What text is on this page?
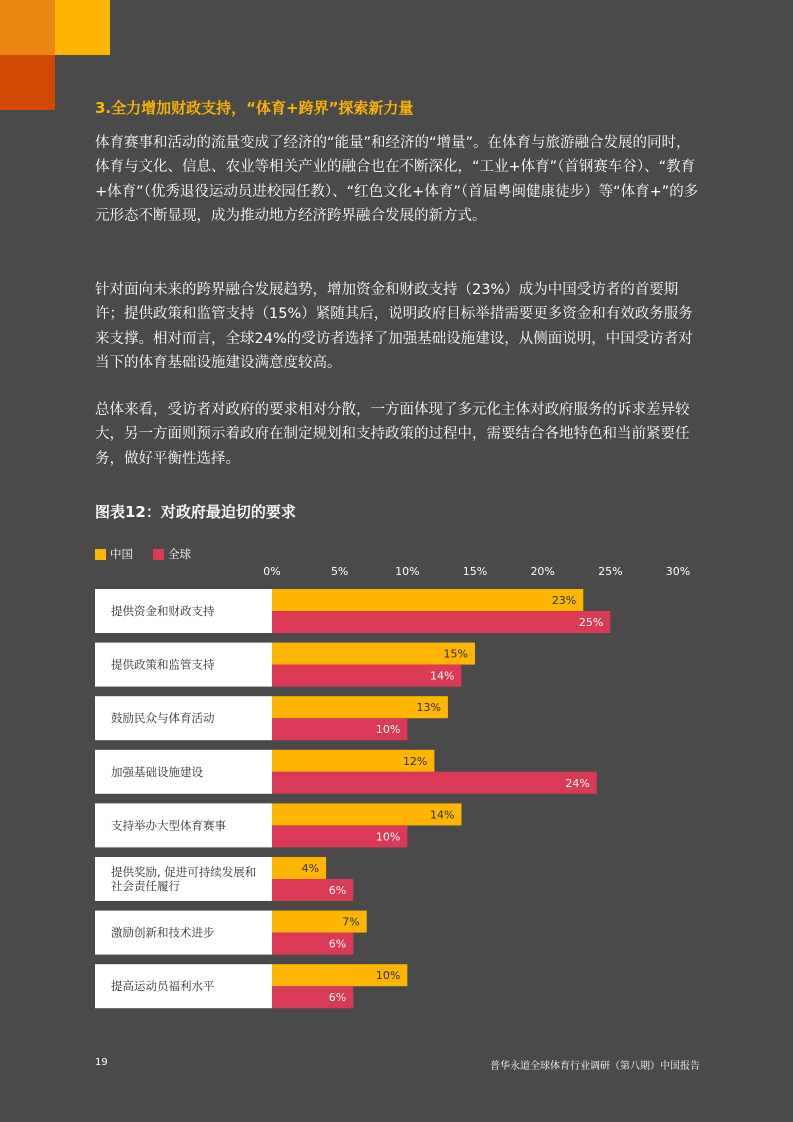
3.全力增加财政支持，“体育+跨界”探索新力量
体育赛事和活动的流量变成了经济的“能量”和经济的“增量”。在体育与旅游融合发展的同时，体育与文化、信息、农业等相关产业的融合也在不断深化，“工业+体育”（首钢赛车谷）、“教育+体育”（优秀退役运动员进校园任教）、“红色文化+体育”（首届粤闽健康徒步）等“体育+”的多元形态不断显现，成为推动地方经济跨界融合发展的新方式。
针对面向未来的跨界融合发展趋势，增加资金和财政支持（23%）成为中国受访者的首要期许；提供政策和监管支持（15%）紧随其后，说明政府目标举措需要更多资金和有效政务服务来支撑。相对而言，全球24%的受访者选择了加强基础设施建设，从侧面说明，中国受访者对当下的体育基础设施建设满意度较高。
总体来看，受访者对政府的要求相对分散，一方面体现了多元化主体对政府服务的诉求差异较大，另一方面则预示着政府在制定规划和支持政策的过程中，需要结合各地特色和当前紧要任务，做好平衡性选择。
图表12：对政府最迫切的要求
中国	全球
0%	5%	10%	15%	20%	25%	30%
提供资金和财政支持
23%
25%
提供政策和监管支持
15%
14%
鼓励民众与体育活动
13%
10%
加强基础设施建设
12%
24%
支持举办大型体育赛事
14%
10%
提供奖励, 促进可持续发展和
社会责任履行
4%
6%
激励创新和技术进步
7%
6%
提高运动员福利水平
10%
6%
19	普华永道全球体育行业调研（第八期）中国报告
